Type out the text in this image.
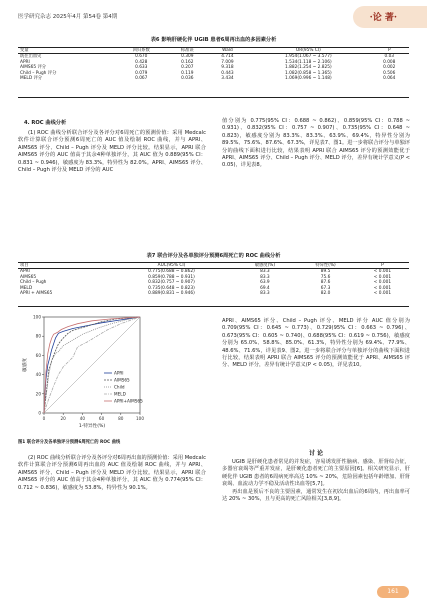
医学研究杂志 2025年4月 第54卷 第4期	·论 著·
表6 影响肝硬化伴 UGIB 患者6周再出血的多因素分析
变量	回归系数	标准误	Wald	OR(95% CI)	P
既往出血史	0.670	0.309	4.714	1.954(1.067 ~ 3.577)	0.03
APRI	0.428	0.162	7.009	1.534(1.118 ~ 2.106)	0.008
AIMS65 评分	0.633	0.207	9.318	1.882(1.254 ~ 2.825)	0.002
Child – Pugh 评分	0.079	0.119	0.443	1.082(0.858 ~ 1.365)	0.506
MELD 评分	0.067	0.036	3.434	1.069(0.996 ~ 1.148)	0.064
4. ROC 曲线分析

(1) ROC 曲线分析联合评分及各评分对6周死亡的预测价值：采用 Medcalc 软件计算联合评分预测6周死亡的 AUC 值及绘制 ROC 曲线，并与 APRI、AIMS65 评分、Child – Pugh 评分及 MELD 评分比较。结果显示，APRI 联合 AIMS65 评分的 AUC 值高于其余4种单独评分，其 AUC 值为 0.889(95% CI：0.831 ~ 0.946)，敏感度为 83.3%，特异性为 82.0%。APRI、AIMS65 评分、Child – Pugh 评分及 MELD 评分的 AUC

值分别为 0.775(95% CI：0.688 ~ 0.862)、0.859(95% CI：0.788 ~ 0.931)、0.832(95% CI：0.757 ~ 0.907)、0.735(95% CI：0.648 ~ 0.823)，敏感度分别为 83.3%、83.3%、63.9%、69.4%，特异性分别为 89.5%、75.6%、87.6%、67.3%，详见表7、图1。进一步将联合评分与单独评分的曲线下面积进行比较，结果表明 APRI 联合 AIMS65 评分的预测效能优于 APRI、AIMS65 评分、Child – Pugh 评分、MELD 评分，差异有统计学意义(P < 0.05)，详见表8。

表7 联合评分及各单独评分预测6周死亡的 ROC 曲线分析
项目	AUC(95% CI)	敏感度(%)	特异性(%)	P
APRI	0.775(0.688 ~ 0.862)	83.3	89.5	< 0.001
AIMS65	0.859(0.788 ~ 0.931)	83.3	75.6	< 0.001
Child – Pugh	0.832(0.757 ~ 0.907)	63.9	87.6	< 0.001
MELD	0.735(0.648 ~ 0.823)	69.4	67.3	< 0.001
APRI + AIMS65	0.889(0.831 ~ 0.946)	83.3	82.0	< 0.001
0	20	40	60	80	100
0
20
40
60
80
100
1-特异性(%)
敏感度
APRI
AIMS65
Child
MELD
APRI+AIMS65
图1 联合评分及各单独评分预测6周死亡的 ROC 曲线

APRI、AIMS65 评分、Child – Pugh 评分、MELD 评分 AUC 值分别为 0.709(95% CI：0.645 ~ 0.773)、0.729(95% CI：0.663 ~ 0.796)、0.673(95% CI：0.605 ~ 0.740)、0.688(95% CI：0.619 ~ 0.756)，敏感度分别为 65.0%、58.8%、85.0%、61.3%，特异性分别为 69.4%、77.9%、48.6%、71.6%，详见表9、图2。进一步将联合评分与单独评分的曲线下面积进行比较，结果表明 APRI 联合 AIMS65 评分的预测效能优于 APRI、AIMS65 评分、MELD 评分，差异有统计学意义(P < 0.05)，详见表10。

(2) ROC 曲线分析联合评分及各评分对6周再出血的预测价值：采用 Medcalc 软件计算联合评分预测6周再出血的 AUC 值及绘制 ROC 曲线，并与 APRI、AIMS65 评分、Child – Pugh 评分及 MELD 评分比较。结果显示，APRI 联合 AIMS65 评分的 AUC 值高于其余4种单独评分，其 AUC 值为 0.774(95% CI：0.712 ~ 0.836)，敏感度为 53.8%，特异性为 90.1%。

讨 论

UGIB 是肝硬化患者常见的并发症，容易诱发肝性脑病、感染、肝肾综合征，多器官衰竭等严重并发症，是肝硬化患者死亡的主要原因[6]。相关研究显示，肝硬化伴 UGIB 患者的6周病死率高达 10% ~ 20%，危险因素包括年龄增加、肝肾衰竭、血流动力学不稳及活动性出血等[5,7]。

再出血是预后不良的主要因素，通常发生在初次出血后的6周内，再出血率可达 20% ~ 30%，且与更高的死亡风险相关[3,8,9]。

161
